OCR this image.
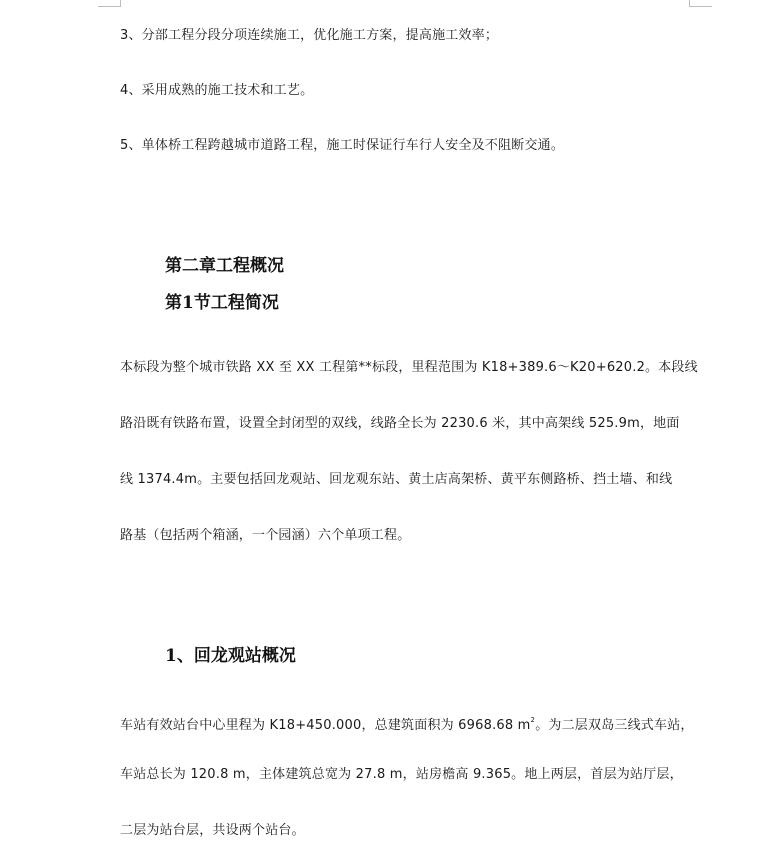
3、分部工程分段分项连续施工，优化施工方案，提高施工效率；
4、采用成熟的施工技术和工艺。
5、单体桥工程跨越城市道路工程，施工时保证行车行人安全及不阻断交通。
第二章工程概况
第1节工程简况
本标段为整个城市铁路 XX 至 XX 工程第**标段，里程范围为 K18+389.6～K20+620.2。本段线
路沿既有铁路布置，设置全封闭型的双线，线路全长为 2230.6 米，其中高架线 525.9m，地面
线 1374.4m。主要包括回龙观站、回龙观东站、黄土店高架桥、黄平东侧路桥、挡土墙、和线
路基（包括两个箱涵，一个园涵）六个单项工程。
1、回龙观站概况
车站有效站台中心里程为 K18+450.000，总建筑面积为 6968.68 $m^2$。为二层双岛三线式车站，
车站总长为 120.8 m，主体建筑总宽为 27.8 m，站房檐高 9.365。地上两层，首层为站厅层，
二层为站台层，共设两个站台。
